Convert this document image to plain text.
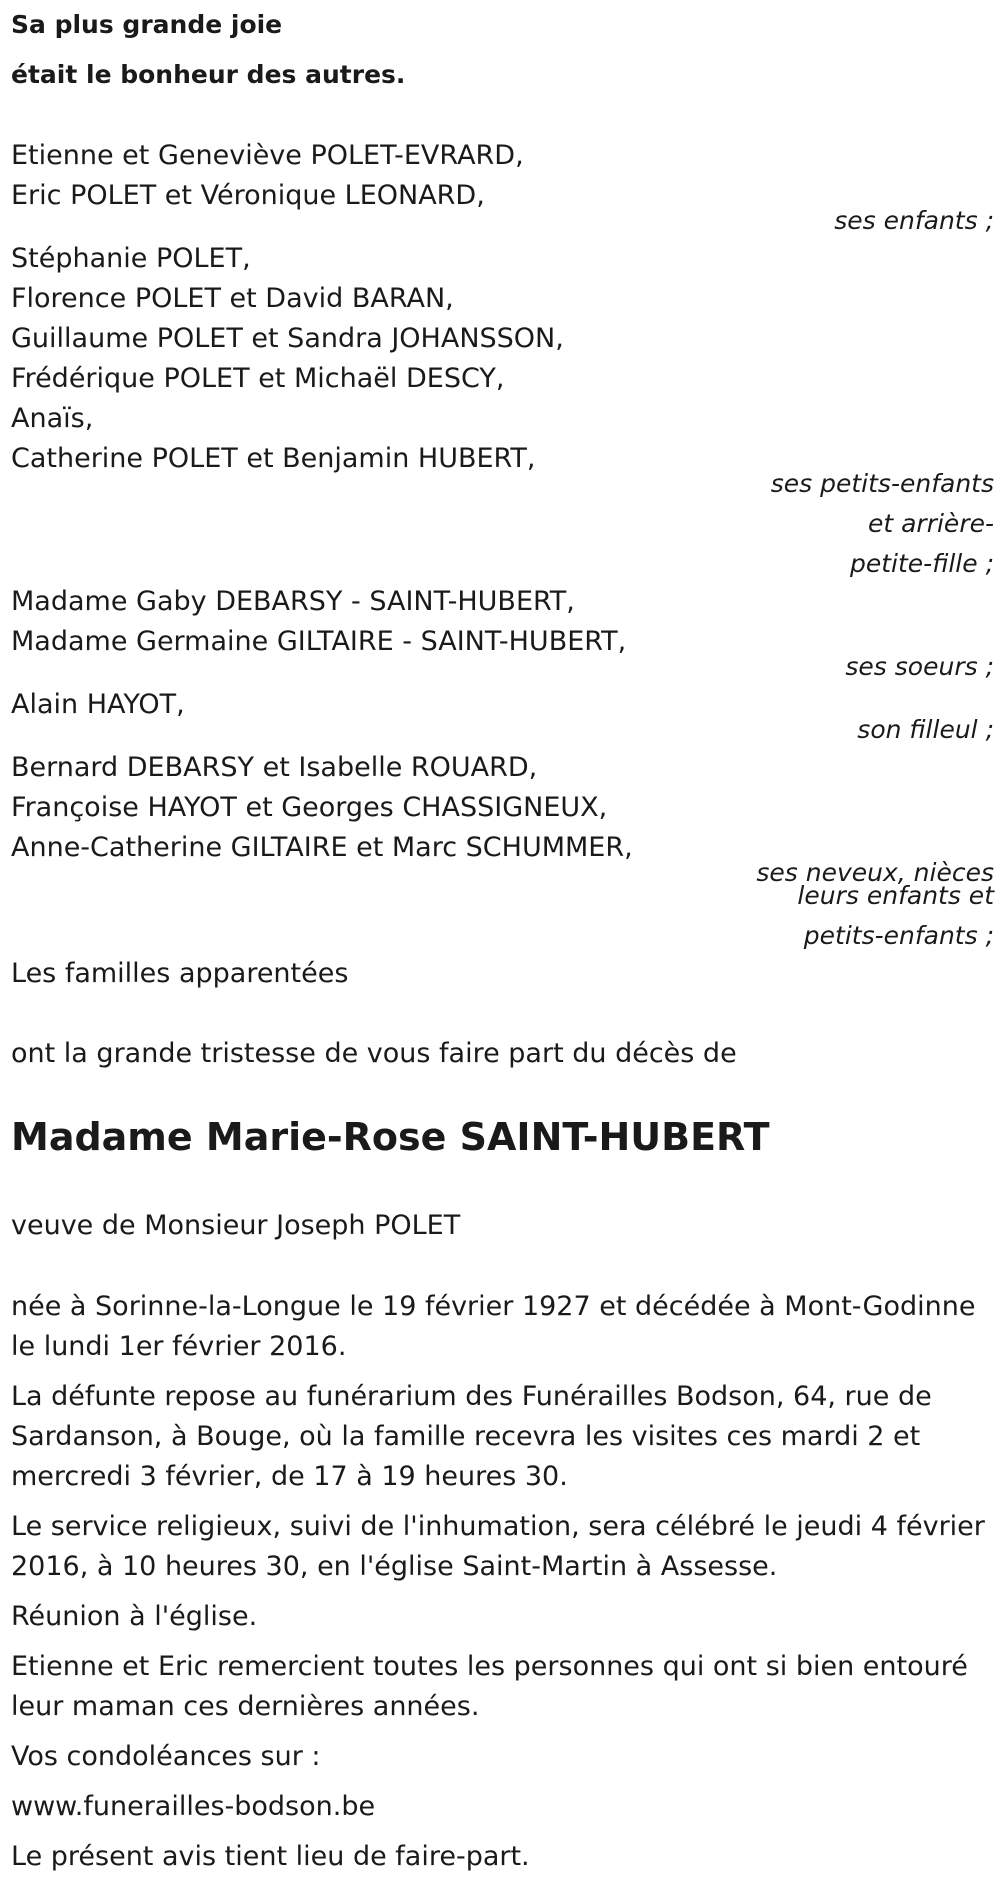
Sa plus grande joie
était le bonheur des autres.
Etienne et Geneviève POLET-EVRARD,
Eric POLET et Véronique LEONARD,
ses enfants ;
Stéphanie POLET,
Florence POLET et David BARAN,
Guillaume POLET et Sandra JOHANSSON,
Frédérique POLET et Michaël DESCY,
Anaïs,
Catherine POLET et Benjamin HUBERT,
ses petits-enfants
et arrière-
petite-fille ;
Madame Gaby DEBARSY - SAINT-HUBERT,
Madame Germaine GILTAIRE - SAINT-HUBERT,
ses soeurs ;
Alain HAYOT,
son filleul ;
Bernard DEBARSY et Isabelle ROUARD,
Françoise HAYOT et Georges CHASSIGNEUX,
Anne-Catherine GILTAIRE et Marc SCHUMMER,
ses neveux, nièces
leurs enfants et
petits-enfants ;
Les familles apparentées
ont la grande tristesse de vous faire part du décès de
Madame Marie-Rose SAINT-HUBERT
veuve de Monsieur Joseph POLET
née à Sorinne-la-Longue le 19 février 1927 et décédée à Mont-Godinne le lundi 1er février 2016.
La défunte repose au funérarium des Funérailles Bodson, 64, rue de Sardanson, à Bouge, où la famille recevra les visites ces mardi 2 et mercredi 3 février, de 17 à 19 heures 30.
Le service religieux, suivi de l'inhumation, sera célébré le jeudi 4 février 2016, à 10 heures 30, en l'église Saint-Martin à Assesse.
Réunion à l'église.
Etienne et Eric remercient toutes les personnes qui ont si bien entouré leur maman ces dernières années.
Vos condoléances sur :
www.funerailles-bodson.be
Le présent avis tient lieu de faire-part.
